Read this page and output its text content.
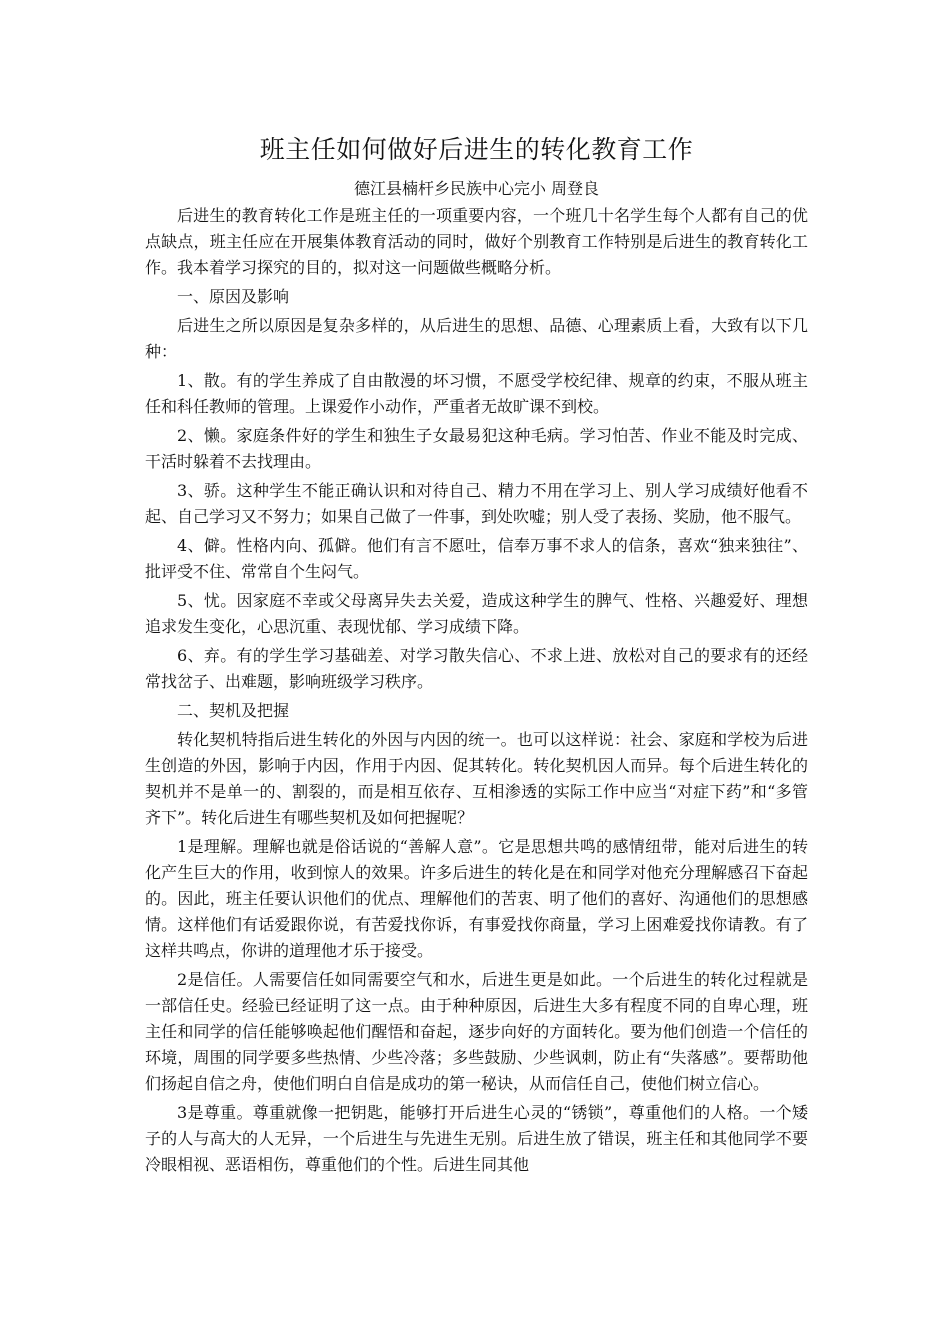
班主任如何做好后进生的转化教育工作

德江县楠杆乡民族中心完小 周登良

后进生的教育转化工作是班主任的一项重要内容，一个班几十名学生每个人都有自己的优点缺点，班主任应在开展集体教育活动的同时，做好个别教育工作特别是后进生的教育转化工作。我本着学习探究的目的，拟对这一问题做些概略分析。

一、原因及影响

后进生之所以原因是复杂多样的，从后进生的思想、品德、心理素质上看，大致有以下几种：

1、散。有的学生养成了自由散漫的坏习惯，不愿受学校纪律、规章的约束，不服从班主任和科任教师的管理。上课爱作小动作，严重者无故旷课不到校。

2、懒。家庭条件好的学生和独生子女最易犯这种毛病。学习怕苦、作业不能及时完成、干活时躲着不去找理由。

3、骄。这种学生不能正确认识和对待自己、精力不用在学习上、别人学习成绩好他看不起、自己学习又不努力；如果自己做了一件事，到处吹嘘；别人受了表扬、奖励，他不服气。

4、僻。性格内向、孤僻。他们有言不愿吐，信奉万事不求人的信条，喜欢“独来独往”、批评受不住、常常自个生闷气。

5、忧。因家庭不幸或父母离异失去关爱，造成这种学生的脾气、性格、兴趣爱好、理想追求发生变化，心思沉重、表现忧郁、学习成绩下降。

6、弃。有的学生学习基础差、对学习散失信心、不求上进、放松对自己的要求有的还经常找岔子、出难题，影响班级学习秩序。

二、契机及把握

转化契机特指后进生转化的外因与内因的统一。也可以这样说：社会、家庭和学校为后进生创造的外因，影响于内因，作用于内因、促其转化。转化契机因人而异。每个后进生转化的契机并不是单一的、割裂的，而是相互依存、互相渗透的实际工作中应当“对症下药”和“多管齐下”。转化后进生有哪些契机及如何把握呢？

1是理解。理解也就是俗话说的“善解人意”。它是思想共鸣的感情纽带，能对后进生的转化产生巨大的作用，收到惊人的效果。许多后进生的转化是在和同学对他充分理解感召下奋起的。因此，班主任要认识他们的优点、理解他们的苦衷、明了他们的喜好、沟通他们的思想感情。这样他们有话爱跟你说，有苦爱找你诉，有事爱找你商量，学习上困难爱找你请教。有了这样共鸣点，你讲的道理他才乐于接受。

2是信任。人需要信任如同需要空气和水，后进生更是如此。一个后进生的转化过程就是一部信任史。经验已经证明了这一点。由于种种原因，后进生大多有程度不同的自卑心理，班主任和同学的信任能够唤起他们醒悟和奋起，逐步向好的方面转化。要为他们创造一个信任的环境，周围的同学要多些热情、少些冷落；多些鼓励、少些讽刺，防止有“失落感”。要帮助他们扬起自信之舟，使他们明白自信是成功的第一秘诀，从而信任自己，使他们树立信心。

3是尊重。尊重就像一把钥匙，能够打开后进生心灵的“锈锁”，尊重他们的人格。一个矮子的人与高大的人无异，一个后进生与先进生无别。后进生放了错误，班主任和其他同学不要冷眼相视、恶语相伤，尊重他们的个性。后进生同其他
